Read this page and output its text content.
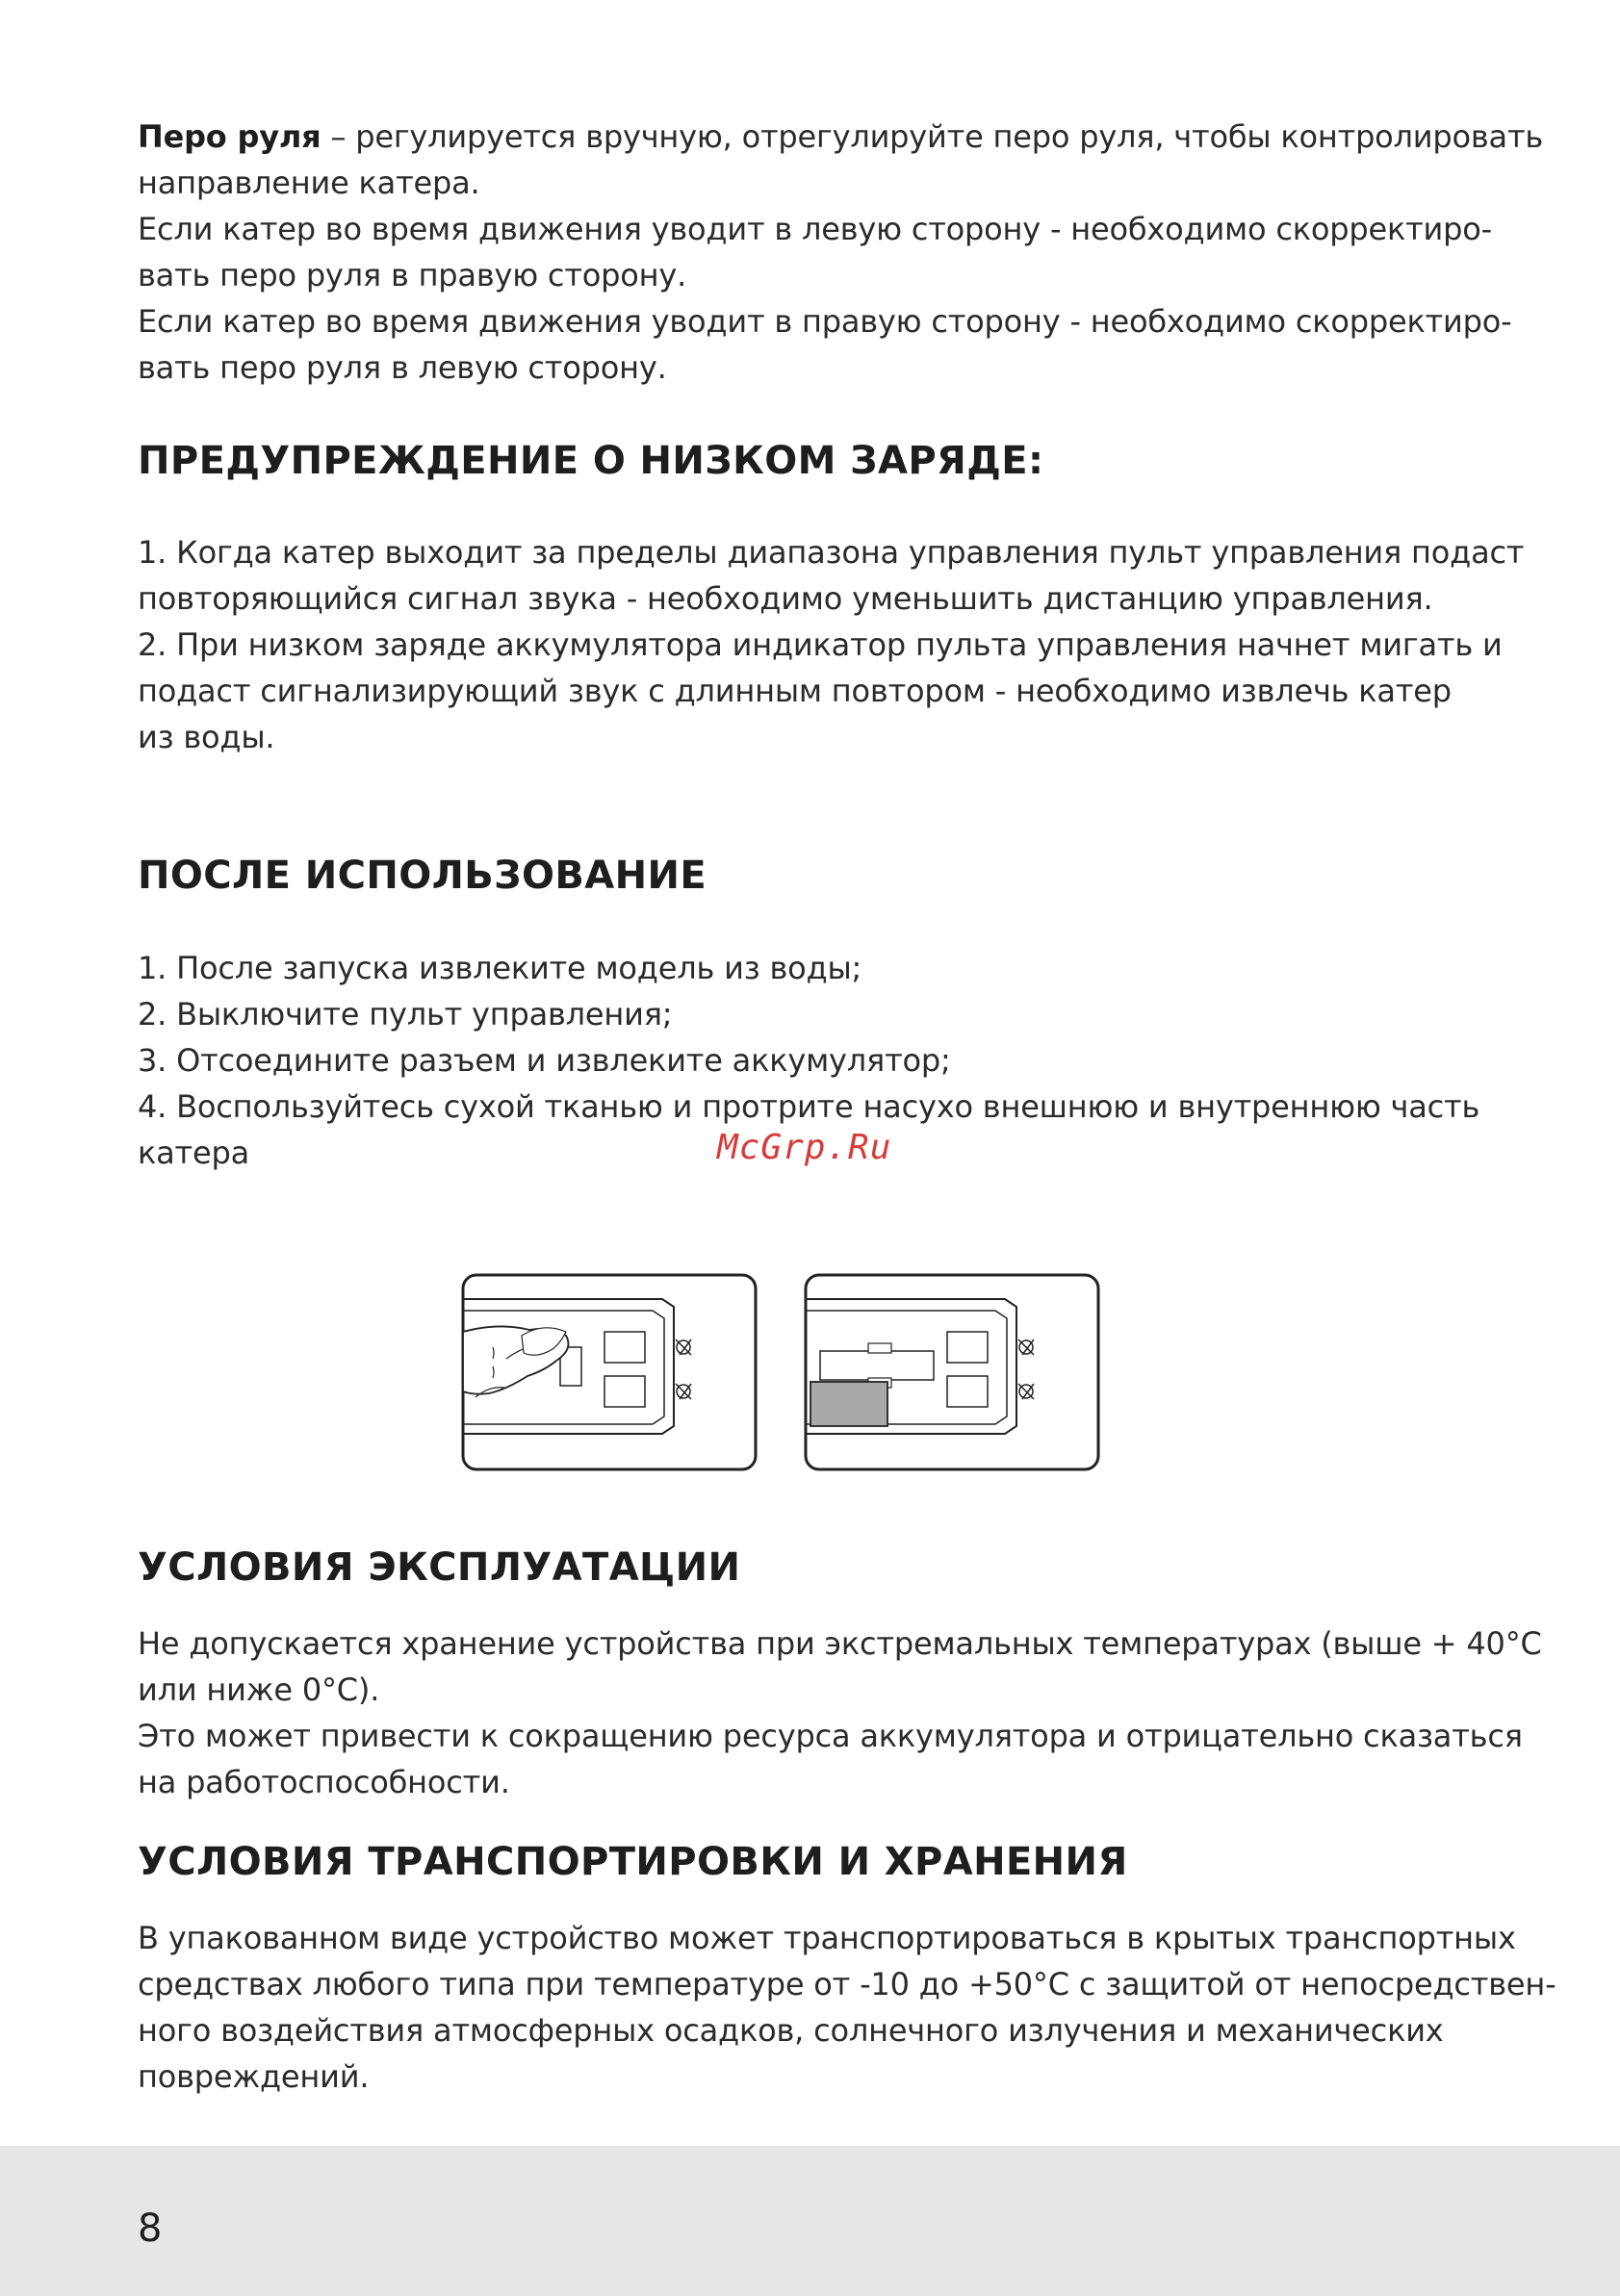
Перо руля – регулируется вручную, отрегулируйте перо руля, чтобы контролировать
направление катера.
Если катер во время движения уводит в левую сторону - необходимо скорректиро-
вать перо руля в правую сторону.
Если катер во время движения уводит в правую сторону - необходимо скорректиро-
вать перо руля в левую сторону.
ПРЕДУПРЕЖДЕНИЕ О НИЗКОМ ЗАРЯДЕ:
1. Когда катер выходит за пределы диапазона управления пульт управления подаст
повторяющийся сигнал звука - необходимо уменьшить дистанцию управления.
2. При низком заряде аккумулятора индикатор пульта управления начнет мигать и
подаст сигнализирующий звук с длинным повтором - необходимо извлечь катер
из воды.
ПОСЛЕ ИСПОЛЬЗОВАНИЕ
1. После запуска извлеките модель из воды;
2. Выключите пульт управления;
3. Отсоедините разъем и извлеките аккумулятор;
4. Воспользуйтесь сухой тканью и протрите насухо внешнюю и внутреннюю часть
катера
УСЛОВИЯ ЭКСПЛУАТАЦИИ
Не допускается хранение устройства при экстремальных температурах (выше + 40°С
или ниже 0°С).
Это может привести к сокращению ресурса аккумулятора и отрицательно сказаться
на работоспособности.
УСЛОВИЯ ТРАНСПОРТИРОВКИ И ХРАНЕНИЯ
В упакованном виде устройство может транспортироваться в крытых транспортных
средствах любого типа при температуре от -10 до +50°С с защитой от непосредствен-
ного воздействия атмосферных осадков, солнечного излучения и механических
повреждений.
McGrp.Ru
8
